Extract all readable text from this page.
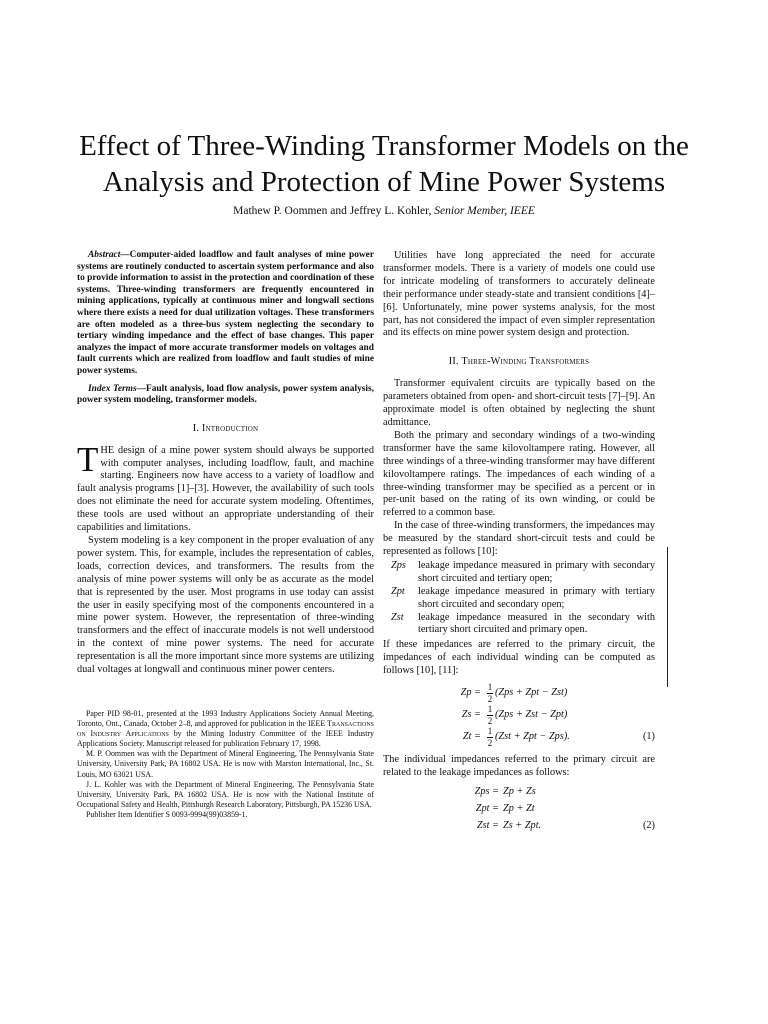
Effect of Three-Winding Transformer Models on the
Analysis and Protection of Mine Power Systems
Mathew P. Oommen and Jeffrey L. Kohler, Senior Member, IEEE

Abstract—Computer-aided loadflow and fault analyses of mine power systems are routinely conducted to ascertain system performance and also to provide information to assist in the protection and coordination of these systems. Three-winding transformers are frequently encountered in mining applications, typically at continuous miner and longwall sections where there exists a need for dual utilization voltages. These transformers are often modeled as a three-bus system neglecting the secondary to tertiary winding impedance and the effect of base changes. This paper analyzes the impact of more accurate transformer models on voltages and fault currents which are realized from loadflow and fault studies of mine power systems.

Index Terms—Fault analysis, load flow analysis, power system analysis, power system modeling, transformer models.

I. Introduction

THE design of a mine power system should always be supported with computer analyses, including loadflow, fault, and machine starting. Engineers now have access to a variety of loadflow and fault analysis programs [1]–[3]. However, the availability of such tools does not eliminate the need for accurate system modeling. Oftentimes, these tools are used without an appropriate understanding of their capabilities and limitations.

System modeling is a key component in the proper evaluation of any power system. This, for example, includes the representation of cables, loads, correction devices, and transformers. The results from the analysis of mine power systems will only be as accurate as the model that is represented by the user. Most programs in use today can assist the user in easily specifying most of the components encountered in a mine power system. However, the representation of three-winding transformers and the effect of inaccurate models is not well understood in the context of mine power systems. The need for accurate representation is all the more important since more systems are utilizing dual voltages at longwall and continuous miner power centers.

Paper PID 98-01, presented at the 1993 Industry Applications Society Annual Meeting, Toronto, Ont., Canada, October 2–8, and approved for publication in the IEEE Transactions on Industry Applications by the Mining Industry Committee of the IEEE Industry Applications Society. Manuscript released for publication February 17, 1998.

M. P. Oommen was with the Department of Mineral Engineering, The Pennsylvania State University, University Park, PA 16802 USA. He is now with Marston International, Inc., St. Louis, MO 63021 USA.

J. L. Kohler was with the Department of Mineral Engineering, The Pennsylvania State University, University Park, PA 16802 USA. He is now with the National Institute of Occupational Safety and Health, Pittsburgh Research Laboratory, Pittsburgh, PA 15236 USA.

Publisher Item Identifier S 0093-9994(99)03859-1.

Utilities have long appreciated the need for accurate transformer models. There is a variety of models one could use for intricate modeling of transformers to accurately delineate their performance under steady-state and transient conditions [4]–[6]. Unfortunately, mine power systems analysis, for the most part, has not considered the impact of even simpler representation and its effects on mine power system design and protection.

II. Three-Winding Transformers

Transformer equivalent circuits are typically based on the parameters obtained from open- and short-circuit tests [7]–[9]. An approximate model is often obtained by neglecting the shunt admittance.

Both the primary and secondary windings of a two-winding transformer have the same kilovoltampere rating. However, all three windings of a three-winding transformer may have different kilovoltampere ratings. The impedances of each winding of a three-winding transformer may be specified as a percent or in per-unit based on the rating of its own winding, or could be referred to a common base.

In the case of three-winding transformers, the impedances may be measured by the standard short-circuit tests and could be represented as follows [10]:

Zps	leakage impedance measured in primary with secondary short circuited and tertiary open;
Zpt	leakage impedance measured in primary with tertiary short circuited and secondary open;
Zst	leakage impedance measured in the secondary with tertiary short circuited and primary open.

If these impedances are referred to the primary circuit, the impedances of each individual winding can be computed as follows [10], [11]:

$Zp = \frac{1}{2} (Zps$ + Zpt − Zst)
$Zs = \frac{1}{2} (Zps$ + Zst − Zpt)
$Zt = \frac{1}{2} (Zst$ + Zpt − Zps).	(1)

The individual impedances referred to the primary circuit are related to the leakage impedances as follows:

Zps = Zp + Zs
Zpt = Zp + Zt
Zst = Zs + Zpt.	(2)
